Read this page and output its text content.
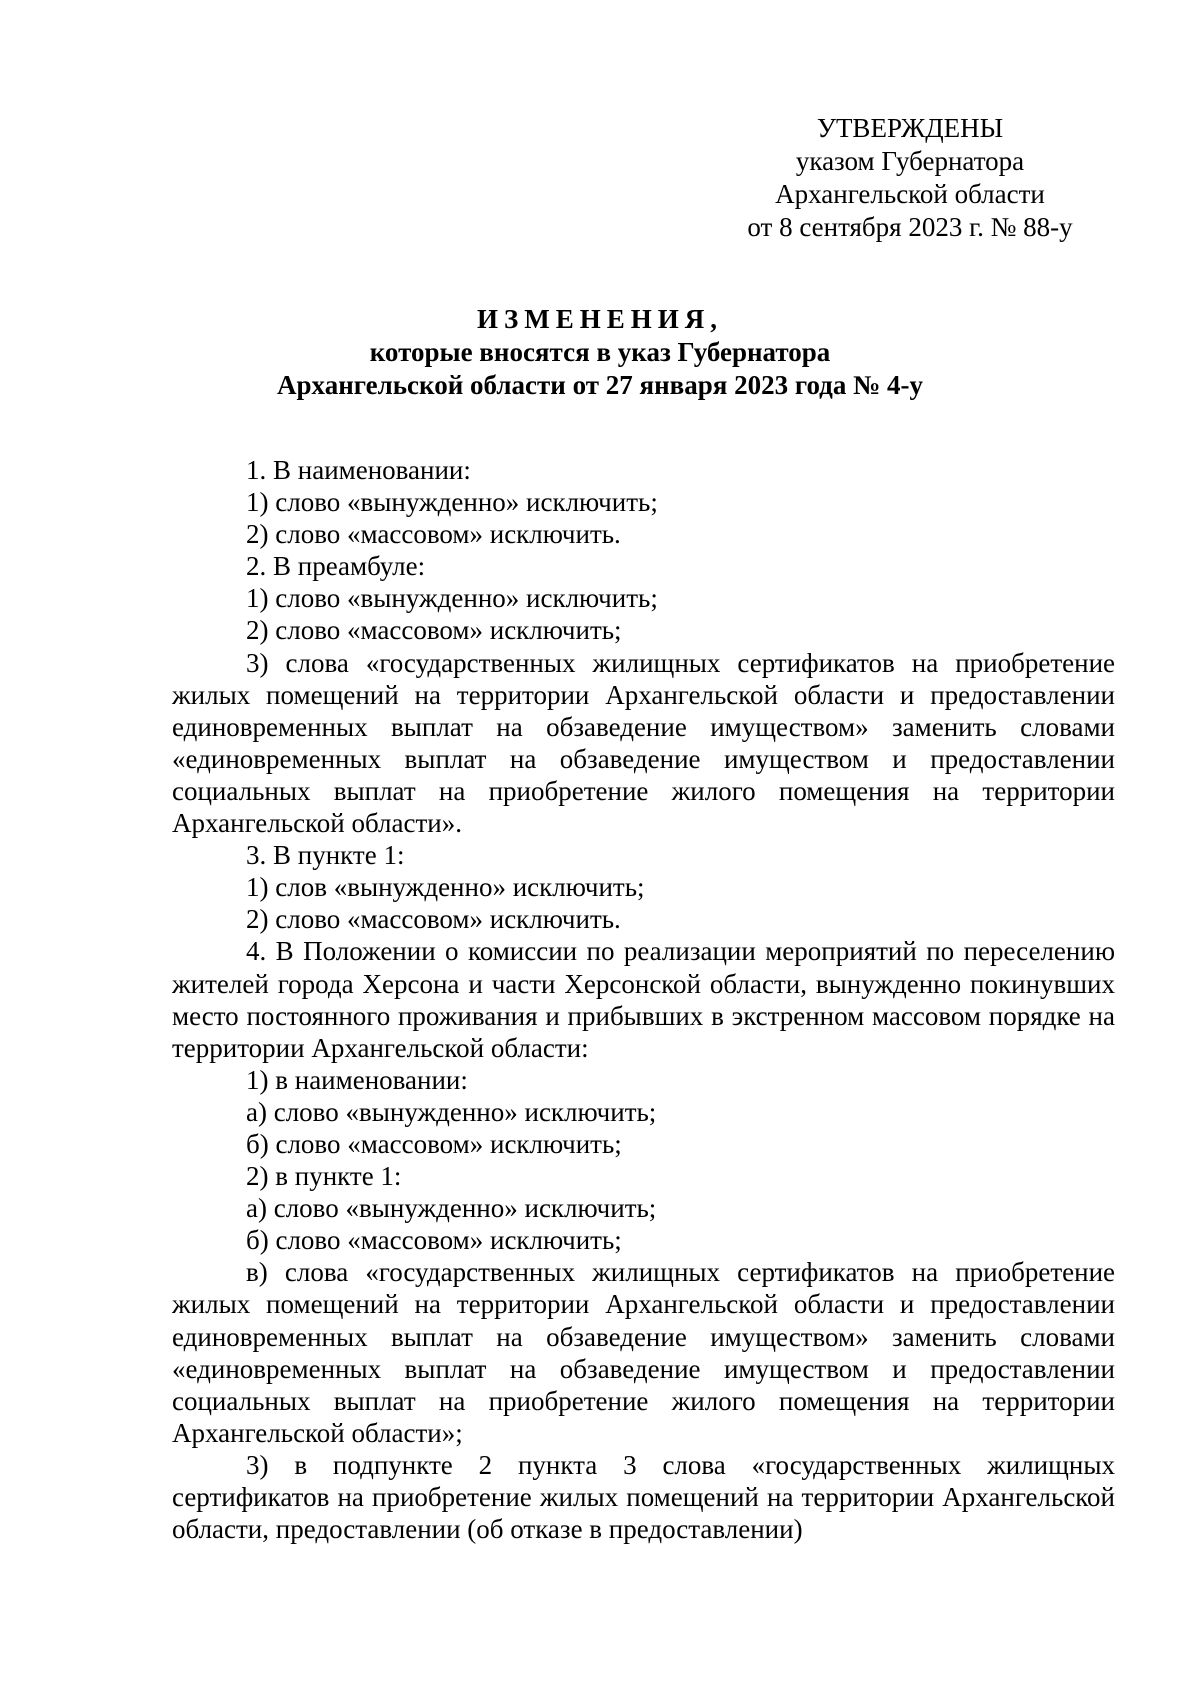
УТВЕРЖДЕНЫ
указом Губернатора
Архангельской области
от 8 сентября 2023 г. № 88-у
ИЗМЕНЕНИЯ,
которые вносятся в указ Губернатора
Архангельской области от 27 января 2023 года № 4-у

1. В наименовании:

1) слово «вынужденно» исключить;

2) слово «массовом» исключить.

2. В преамбуле:

1) слово «вынужденно» исключить;

2) слово «массовом» исключить;

3) слова «государственных жилищных сертификатов на приобретение жилых помещений на территории Архангельской области и предоставлении единовременных выплат на обзаведение имуществом» заменить словами «единовременных выплат на обзаведение имуществом и предоставлении социальных выплат на приобретение жилого помещения на территории Архангельской области».

3. В пункте 1:

1) слов «вынужденно» исключить;

2) слово «массовом» исключить.

4. В Положении о комиссии по реализации мероприятий по переселению жителей города Херсона и части Херсонской области, вынужденно покинувших место постоянного проживания и прибывших в экстренном массовом порядке на территории Архангельской области:

1) в наименовании:

а) слово «вынужденно» исключить;

б) слово «массовом» исключить;

2) в пункте 1:

а) слово «вынужденно» исключить;

б) слово «массовом» исключить;

в) слова «государственных жилищных сертификатов на приобретение жилых помещений на территории Архангельской области и предоставлении единовременных выплат на обзаведение имуществом» заменить словами «единовременных выплат на обзаведение имуществом и предоставлении социальных выплат на приобретение жилого помещения на территории Архангельской области»;

3) в подпункте 2 пункта 3 слова «государственных жилищных сертификатов на приобретение жилых помещений на территории Архангельской области, предоставлении (об отказе в предоставлении)
